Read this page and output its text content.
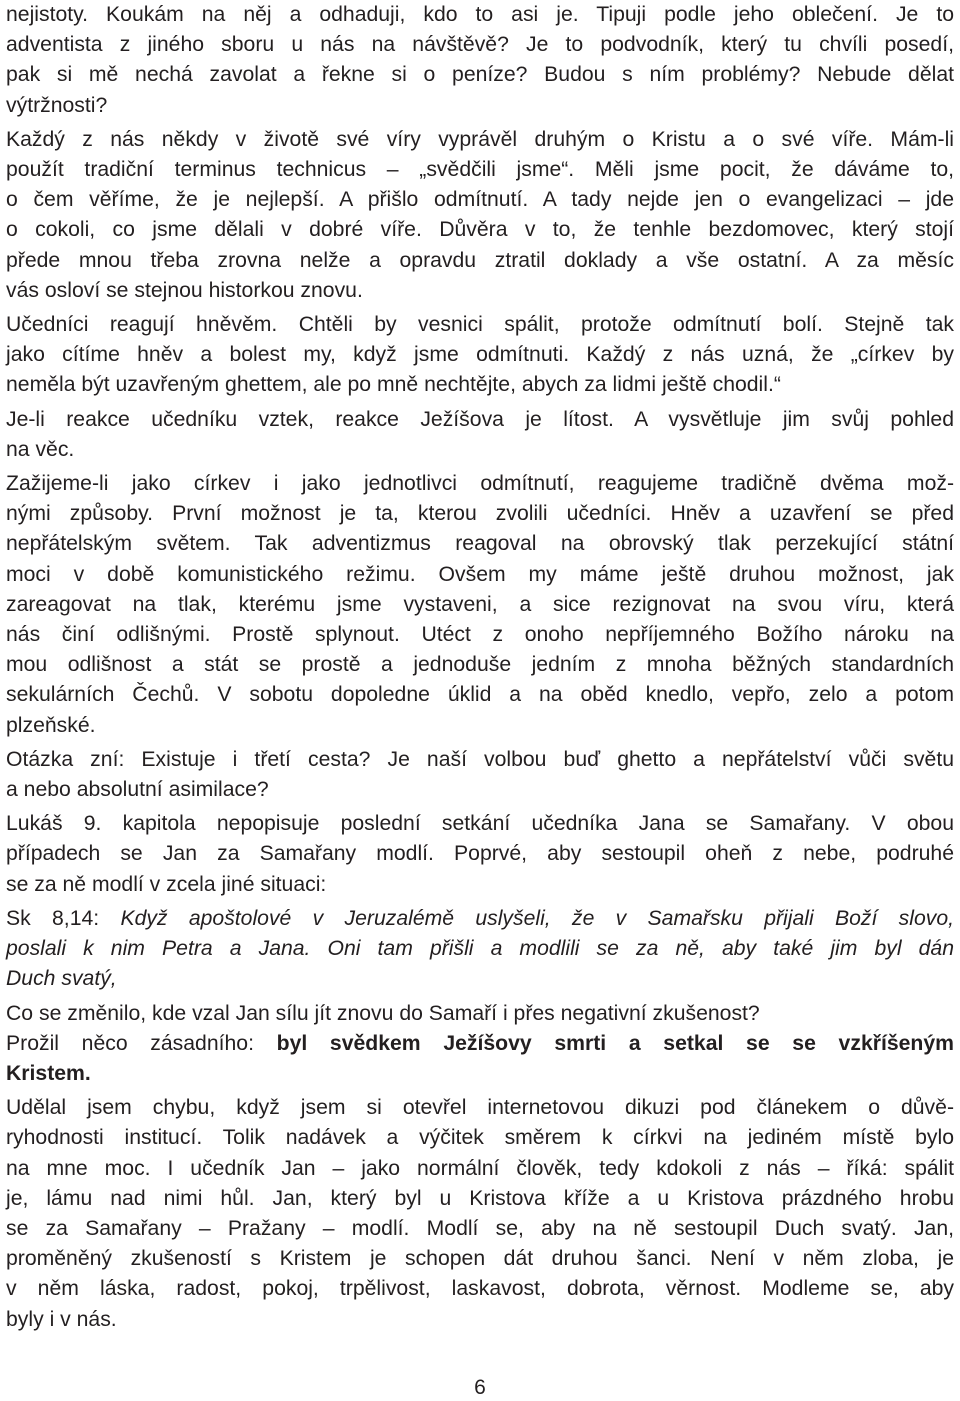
nejistoty. Koukám na něj a odhaduji, kdo to asi je. Tipuji podle jeho oblečení. Je to
adventista z jiného sboru u nás na návštěvě? Je to podvodník, který tu chvíli posedí,
pak si mě nechá zavolat a řekne si o peníze? Budou s ním problémy? Nebude dělat
výtržnosti?

Každý z nás někdy v životě své víry vyprávěl druhým o Kristu a o své víře. Mám-li
použít tradiční terminus technicus – „svědčili jsme“. Měli jsme pocit, že dáváme to,
o čem věříme, že je nejlepší. A přišlo odmítnutí. A tady nejde jen o evangelizaci – jde
o cokoli, co jsme dělali v dobré víře. Důvěra v to, že tenhle bezdomovec, který stojí
přede mnou třeba zrovna nelže a opravdu ztratil doklady a vše ostatní. A za měsíc
vás osloví se stejnou historkou znovu.

Učedníci reagují hněvěm. Chtěli by vesnici spálit, protože odmítnutí bolí. Stejně tak
jako cítíme hněv a bolest my, když jsme odmítnuti. Každý z nás uzná, že „církev by
neměla být uzavřeným ghettem, ale po mně nechtějte, abych za lidmi ještě chodil.“

Je-li reakce učedníku vztek, reakce Ježíšova je lítost. A vysvětluje jim svůj pohled
na věc.

Zažijeme-li jako církev i jako jednotlivci odmítnutí, reagujeme tradičně dvěma mož-
nými způsoby. První možnost je ta, kterou zvolili učedníci. Hněv a uzavření se před
nepřátelským světem. Tak adventizmus reagoval na obrovský tlak perzekující státní
moci v době komunistického režimu. Ovšem my máme ještě druhou možnost, jak
zareagovat na tlak, kterému jsme vystaveni, a sice rezignovat na svou víru, která
nás činí odlišnými. Prostě splynout. Utéct z onoho nepříjemného Božího nároku na
mou odlišnost a stát se prostě a jednoduše jedním z mnoha běžných standardních
sekulárních Čechů. V sobotu dopoledne úklid a na oběd knedlo, vepřo, zelo a potom
plzeňské.

Otázka zní: Existuje i třetí cesta? Je naší volbou buď ghetto a nepřátelství vůči světu
a nebo absolutní asimilace?

Lukáš 9. kapitola nepopisuje poslední setkání učedníka Jana se Samařany. V obou
případech se Jan za Samařany modlí. Poprvé, aby sestoupil oheň z nebe, podruhé
se za ně modlí v zcela jiné situaci:

Sk 8,14: Když apoštolové v Jeruzalémě uslyšeli, že v Samařsku přijali Boží slovo,
poslali k nim Petra a Jana. Oni tam přišli a modlili se za ně, aby také jim byl dán
Duch svatý,

Co se změnilo, kde vzal Jan sílu jít znovu do Samaří i přes negativní zkušenost?

Prožil něco zásadního: byl svědkem Ježíšovy smrti a setkal se se vzkříšeným
Kristem.

Udělal jsem chybu, když jsem si otevřel internetovou dikuzi pod článekem o důvě-
ryhodnosti institucí. Tolik nadávek a výčitek směrem k církvi na jediném místě bylo
na mne moc. I učedník Jan – jako normální člověk, tedy kdokoli z nás – říká: spálit
je, lámu nad nimi hůl. Jan, který byl u Kristova kříže a u Kristova prázdného hrobu
se za Samařany – Pražany – modlí. Modlí se, aby na ně sestoupil Duch svatý. Jan,
proměněný zkušeností s Kristem je schopen dát druhou šanci. Není v něm zloba, je
v něm láska, radost, pokoj, trpělivost, laskavost, dobrota, věrnost. Modleme se, aby
byly i v nás.

6
